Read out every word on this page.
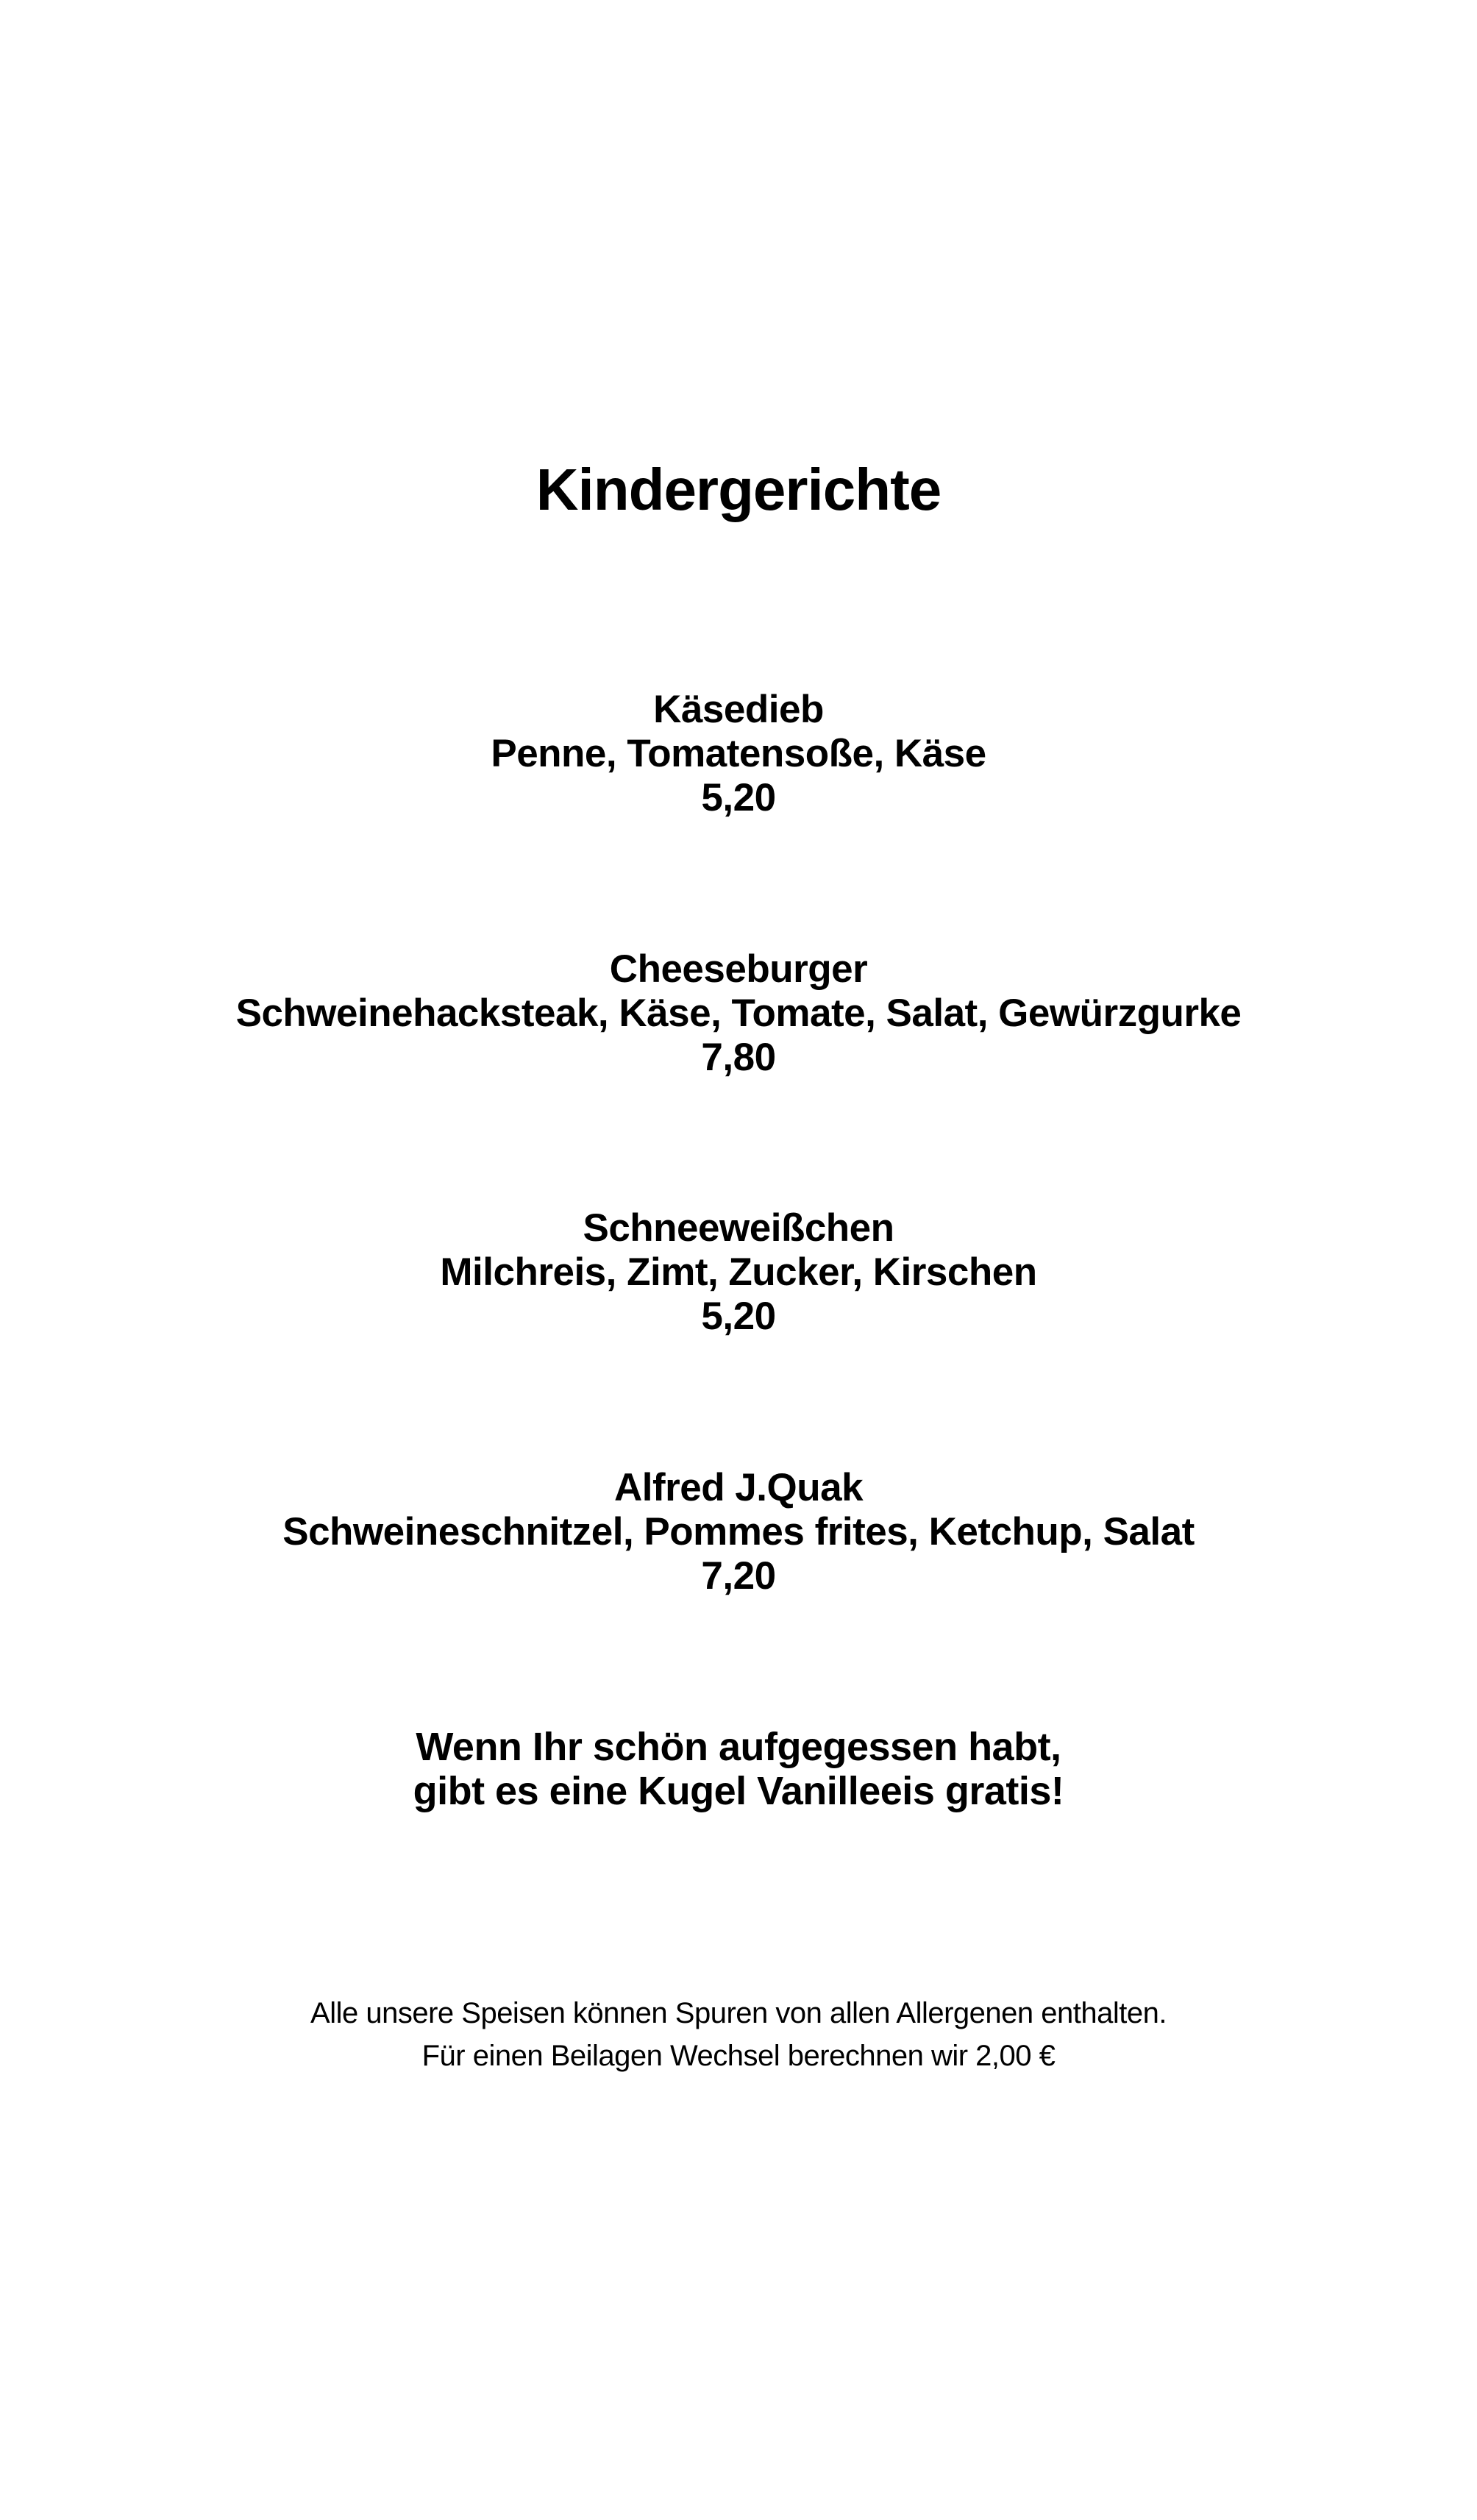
Kindergerichte
Käsedieb
Penne, Tomatensoße, Käse
5,20
Cheeseburger
Schweinehacksteak, Käse, Tomate, Salat, Gewürzgurke
7,80
Schneeweißchen
Milchreis, Zimt, Zucker, Kirschen
5,20
Alfred J.Quak
Schweineschnitzel, Pommes frites, Ketchup, Salat
7,20
Wenn Ihr schön aufgegessen habt,
gibt es eine Kugel Vanilleeis gratis!
Alle unsere Speisen können Spuren von allen Allergenen enthalten.
Für einen Beilagen Wechsel berechnen wir 2,00 €
